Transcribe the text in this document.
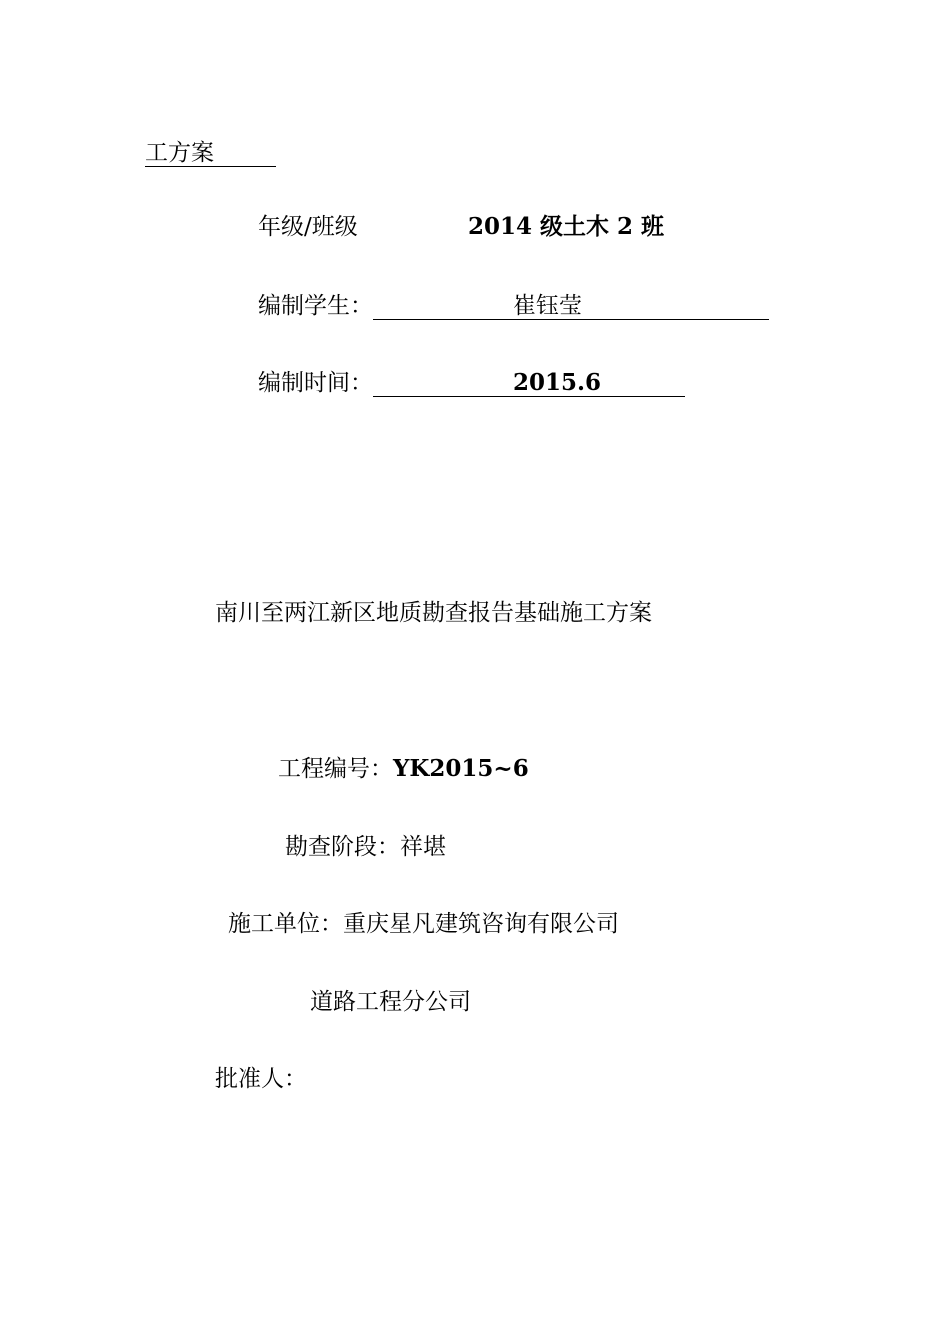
工方案
年级/班级	2014 级土木 2 班
编制学生：	崔钰莹

编制时间：	2015.6

南川至两江新区地质勘查报告基础施工方案
工程编号：YK2015~6
勘查阶段：祥堪
施工单位：重庆星凡建筑咨询有限公司
道路工程分公司
批准人：
